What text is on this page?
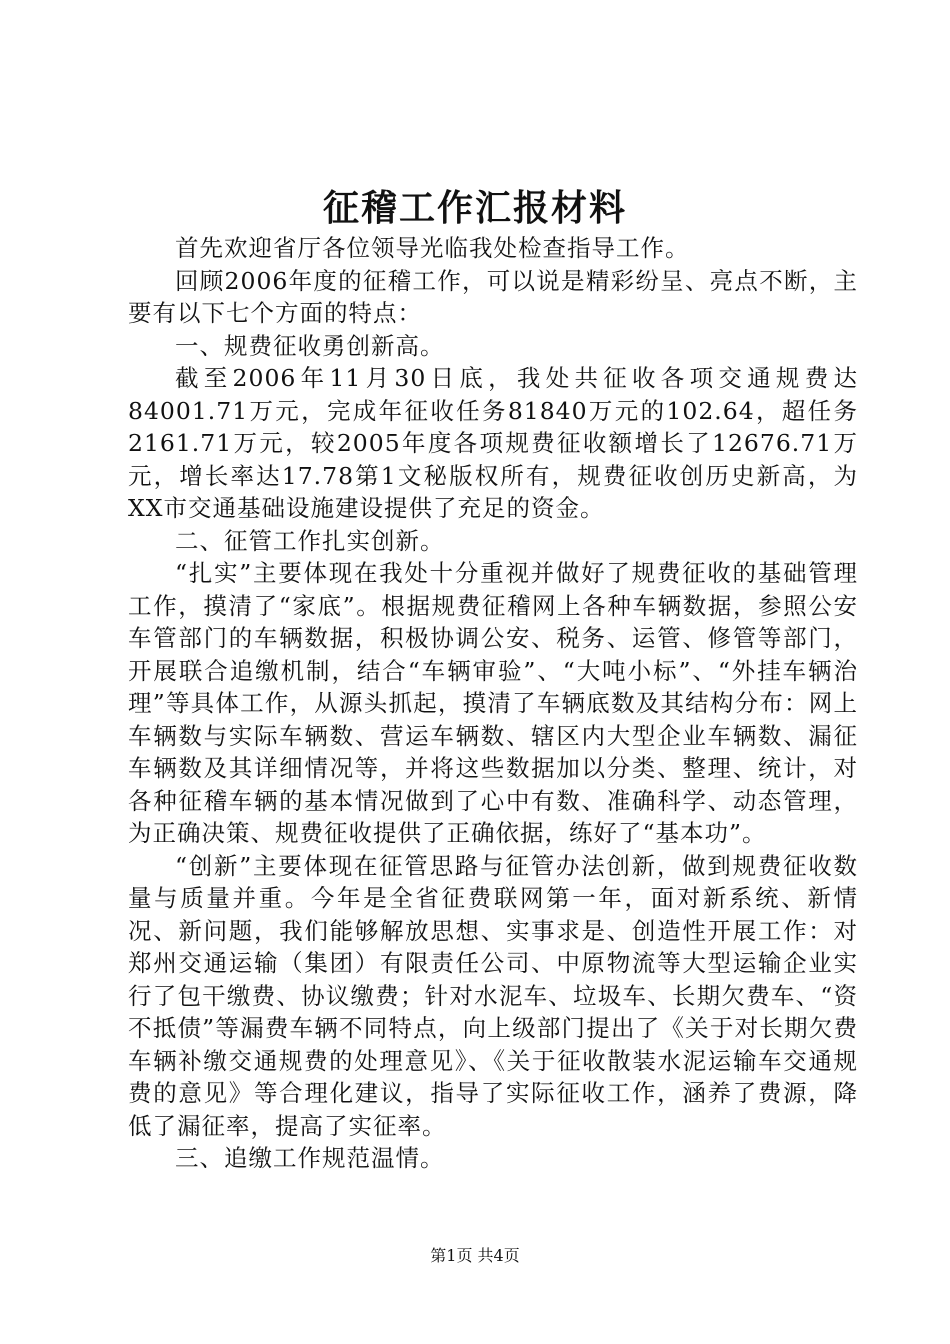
征稽工作汇报材料

首先欢迎省厅各位领导光临我处检查指导工作。

回顾2006年度的征稽工作，可以说是精彩纷呈、亮点不断，主要有以下七个方面的特点：

一、规费征收勇创新高。

截至2006年11月30日底，我处共征收各项交通规费达84001.71万元，完成年征收任务81840万元的102.64，超任务2161.71万元，较2005年度各项规费征收额增长了12676.71万元，增长率达17.78第1文秘版权所有，规费征收创历史新高，为XX市交通基础设施建设提供了充足的资金。

二、征管工作扎实创新。

“扎实”主要体现在我处十分重视并做好了规费征收的基础管理工作，摸清了“家底”。根据规费征稽网上各种车辆数据，参照公安车管部门的车辆数据，积极协调公安、税务、运管、修管等部门，开展联合追缴机制，结合“车辆审验”、“大吨小标”、“外挂车辆治理”等具体工作，从源头抓起，摸清了车辆底数及其结构分布：网上车辆数与实际车辆数、营运车辆数、辖区内大型企业车辆数、漏征车辆数及其详细情况等，并将这些数据加以分类、整理、统计，对各种征稽车辆的基本情况做到了心中有数、准确科学、动态管理，为正确决策、规费征收提供了正确依据，练好了“基本功”。

“创新”主要体现在征管思路与征管办法创新，做到规费征收数量与质量并重。今年是全省征费联网第一年，面对新系统、新情况、新问题，我们能够解放思想、实事求是、创造性开展工作：对郑州交通运输（集团）有限责任公司、中原物流等大型运输企业实行了包干缴费、协议缴费；针对水泥车、垃圾车、长期欠费车、“资不抵债”等漏费车辆不同特点，向上级部门提出了《关于对长期欠费车辆补缴交通规费的处理意见》、《关于征收散装水泥运输车交通规费的意见》等合理化建议，指导了实际征收工作，涵养了费源，降低了漏征率，提高了实征率。

三、追缴工作规范温情。

第1页 共4页
